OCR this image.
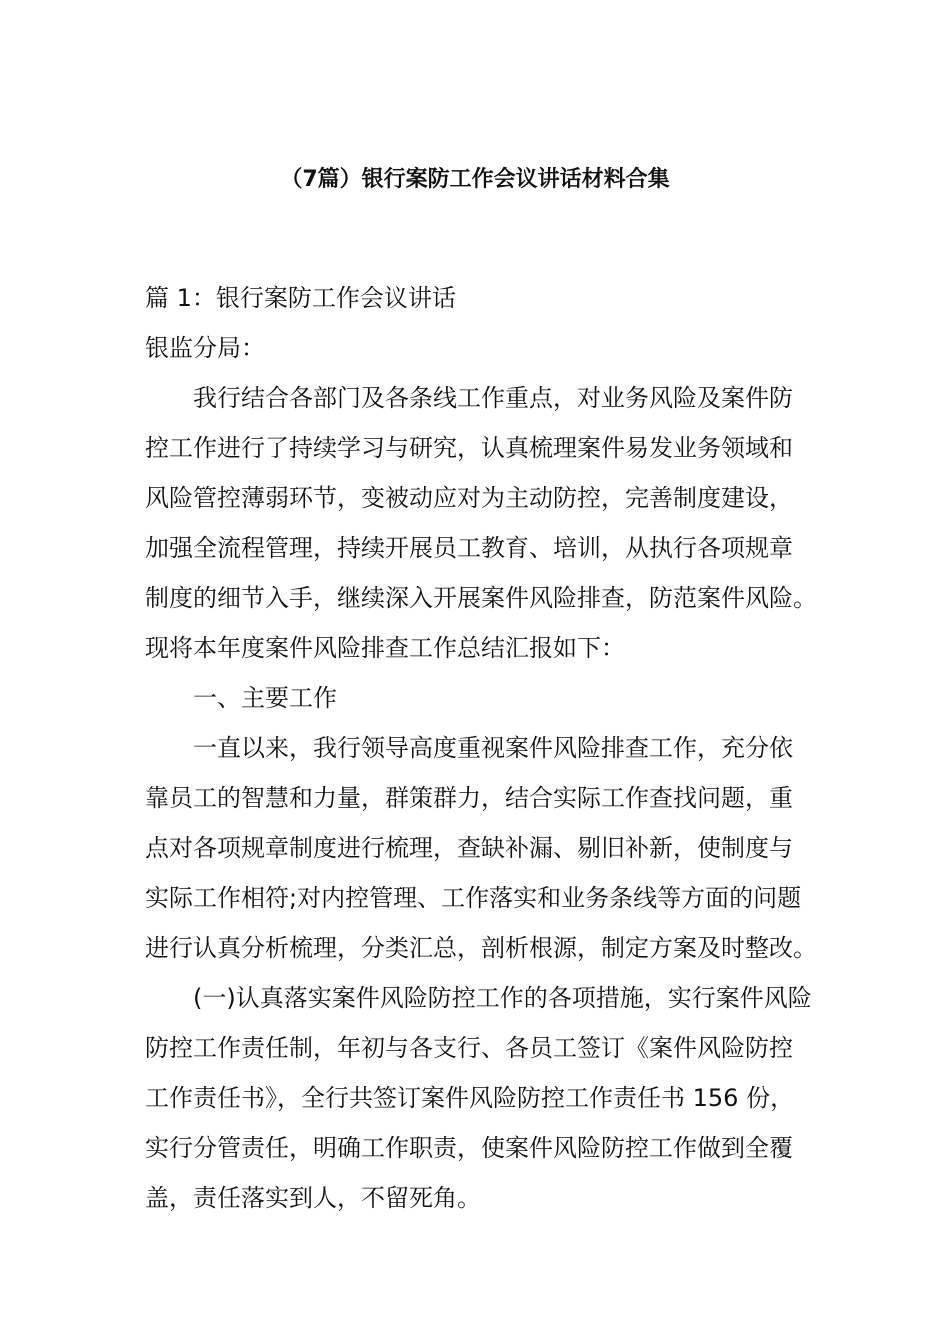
（7篇）银行案防工作会议讲话材料合集
篇 1：银行案防工作会议讲话
银监分局：
我行结合各部门及各条线工作重点，对业务风险及案件防
控工作进行了持续学习与研究，认真梳理案件易发业务领域和
风险管控薄弱环节，变被动应对为主动防控，完善制度建设，
加强全流程管理，持续开展员工教育、培训，从执行各项规章
制度的细节入手，继续深入开展案件风险排查，防范案件风险。
现将本年度案件风险排查工作总结汇报如下：
一、主要工作
一直以来，我行领导高度重视案件风险排查工作，充分依
靠员工的智慧和力量，群策群力，结合实际工作查找问题，重
点对各项规章制度进行梳理，查缺补漏、剔旧补新，使制度与
实际工作相符;对内控管理、工作落实和业务条线等方面的问题
进行认真分析梳理，分类汇总，剖析根源，制定方案及时整改。
(一)认真落实案件风险防控工作的各项措施，实行案件风险
防控工作责任制，年初与各支行、各员工签订《案件风险防控
工作责任书》，全行共签订案件风险防控工作责任书 156 份，
实行分管责任，明确工作职责，使案件风险防控工作做到全覆
盖，责任落实到人，不留死角。
